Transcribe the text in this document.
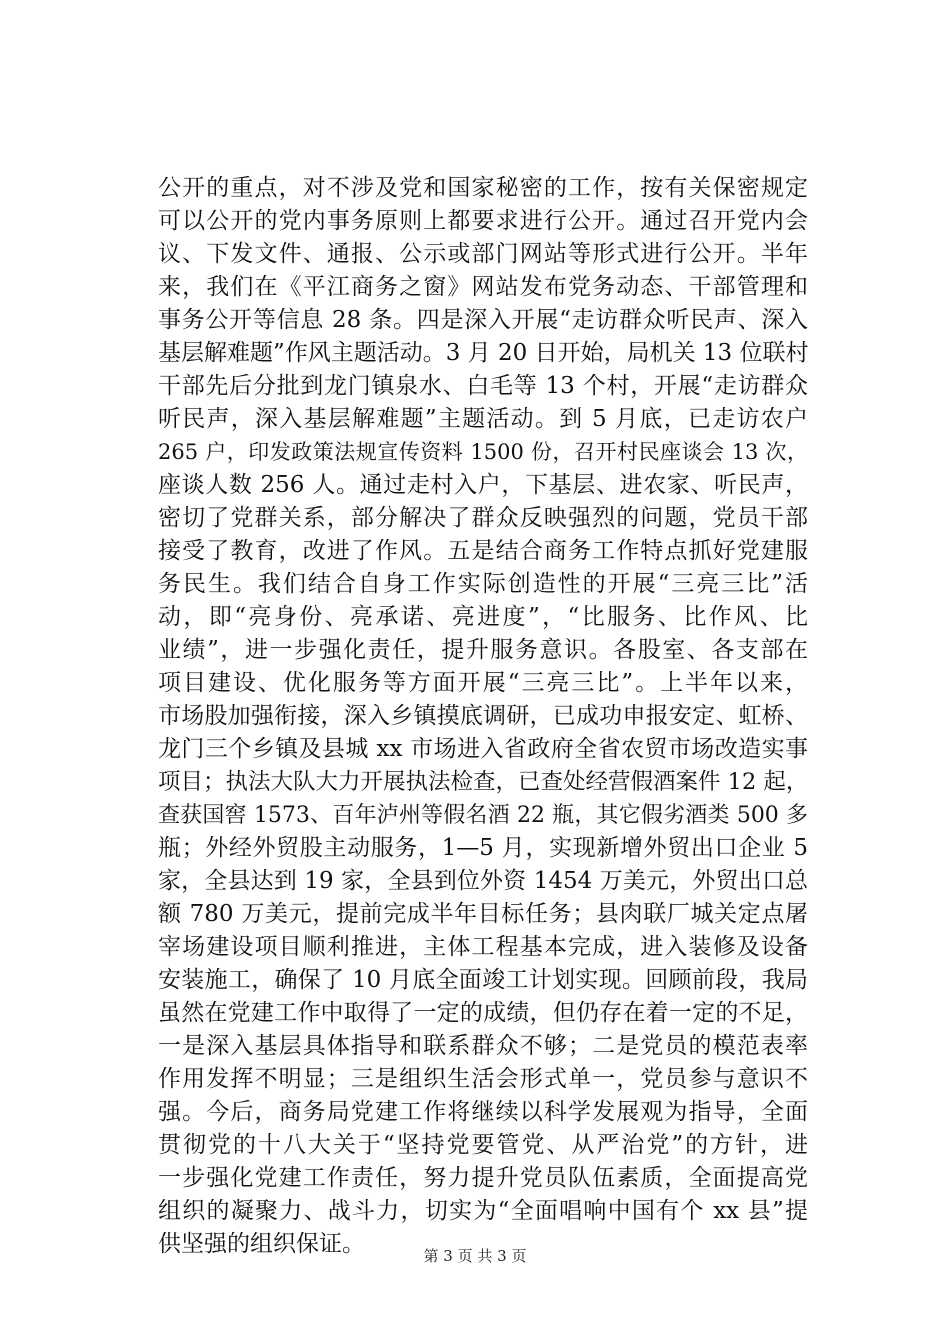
公开的重点，对不涉及党和国家秘密的工作，按有关保密规定
可以公开的党内事务原则上都要求进行公开。通过召开党内会
议、下发文件、通报、公示或部门网站等形式进行公开。半年
来，我们在《平江商务之窗》网站发布党务动态、干部管理和
事务公开等信息 28 条。四是深入开展“走访群众听民声、深入
基层解难题”作风主题活动。3 月 20 日开始，局机关 13 位联村
干部先后分批到龙门镇泉水、白毛等 13 个村，开展“走访群众
听民声，深入基层解难题”主题活动。到 5 月底，已走访农户
265 户，印发政策法规宣传资料 1500 份，召开村民座谈会 13 次，
座谈人数 256 人。通过走村入户，下基层、进农家、听民声，
密切了党群关系，部分解决了群众反映强烈的问题，党员干部
接受了教育，改进了作风。五是结合商务工作特点抓好党建服
务民生。我们结合自身工作实际创造性的开展“三亮三比”活
动，即“亮身份、亮承诺、亮进度”，“比服务、比作风、比
业绩”，进一步强化责任，提升服务意识。各股室、各支部在
项目建设、优化服务等方面开展“三亮三比”。上半年以来，
市场股加强衔接，深入乡镇摸底调研，已成功申报安定、虹桥、
龙门三个乡镇及县城 xx 市场进入省政府全省农贸市场改造实事
项目；执法大队大力开展执法检查，已查处经营假酒案件 12 起，
查获国窖 1573、百年泸州等假名酒 22 瓶，其它假劣酒类 500 多
瓶；外经外贸股主动服务，1—5 月，实现新增外贸出口企业 5
家，全县达到 19 家，全县到位外资 1454 万美元，外贸出口总
额 780 万美元，提前完成半年目标任务；县肉联厂城关定点屠
宰场建设项目顺利推进，主体工程基本完成，进入装修及设备
安装施工，确保了 10 月底全面竣工计划实现。回顾前段，我局
虽然在党建工作中取得了一定的成绩，但仍存在着一定的不足，
一是深入基层具体指导和联系群众不够；二是党员的模范表率
作用发挥不明显；三是组织生活会形式单一，党员参与意识不
强。今后，商务局党建工作将继续以科学发展观为指导，全面
贯彻党的十八大关于“坚持党要管党、从严治党”的方针，进
一步强化党建工作责任，努力提升党员队伍素质，全面提高党
组织的凝聚力、战斗力，切实为“全面唱响中国有个 xx 县”提
供坚强的组织保证。	第 3 页 共 3 页
